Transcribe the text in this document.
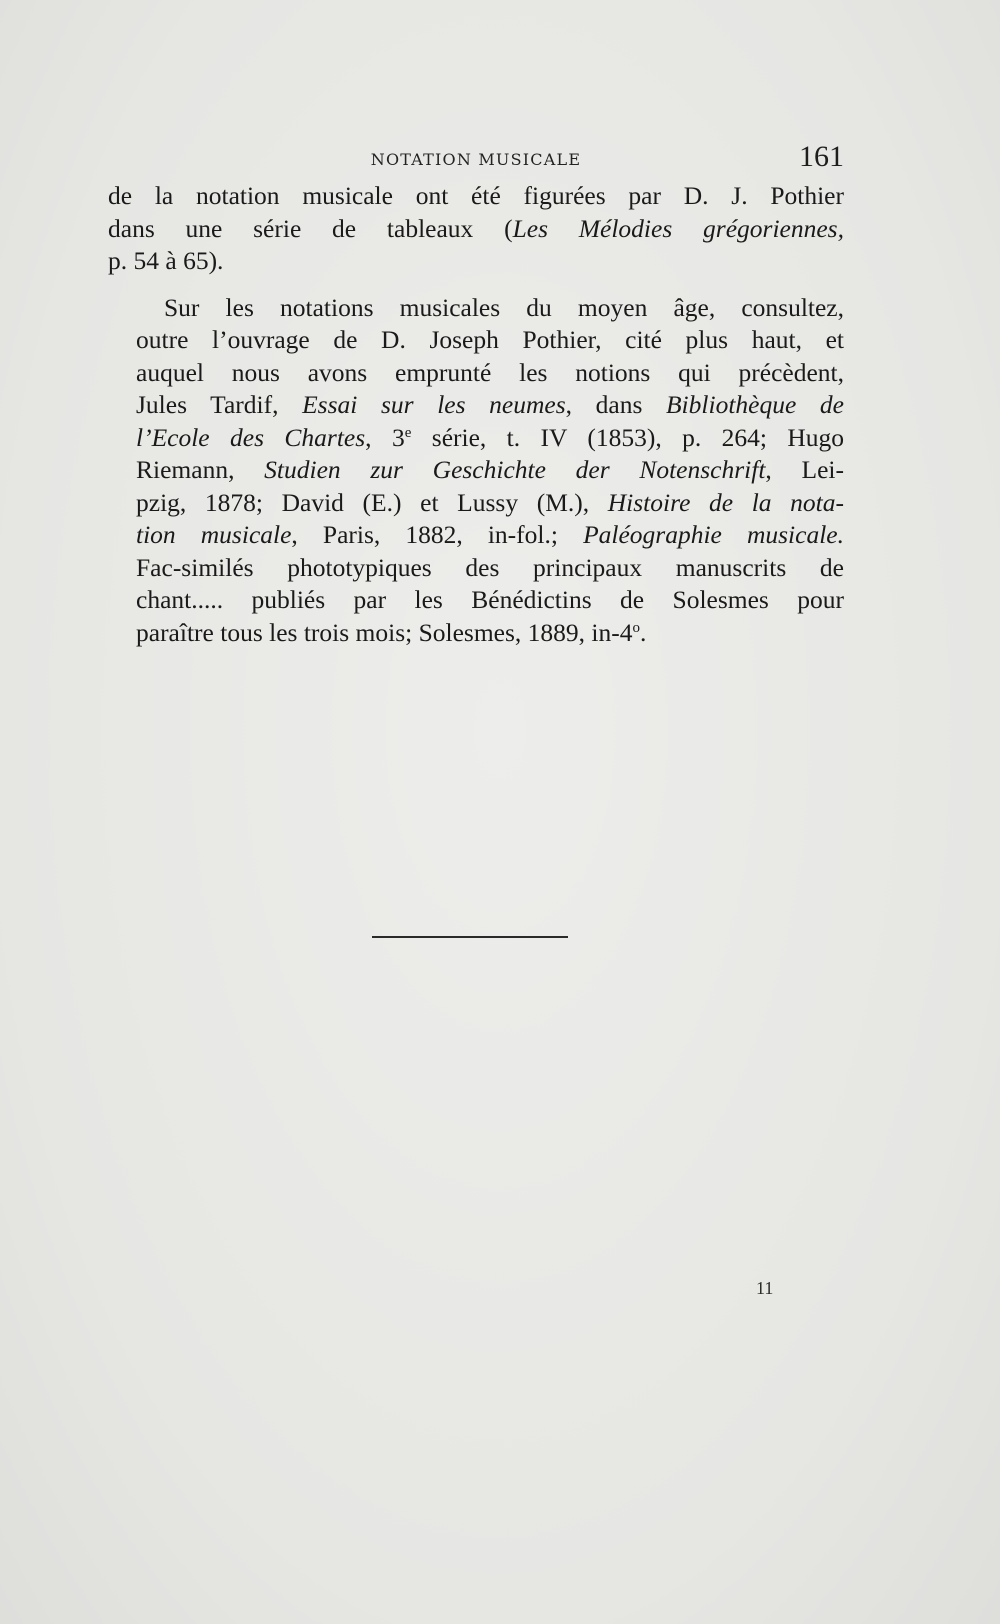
NOTATION MUSICALE	161
de la notation musicale ont été figurées par D. J. Pothier
dans une série de tableaux (Les Mélodies grégoriennes,
p. 54 à 65).
Sur les notations musicales du moyen âge, consultez,
outre l’ouvrage de D. Joseph Pothier, cité plus haut, et
auquel nous avons emprunté les notions qui précèdent,
Jules Tardif, Essai sur les neumes, dans Bibliothèque de
l’Ecole des Chartes, 3e série, t. IV (1853), p. 264; Hugo
Riemann, Studien zur Geschichte der Notenschrift, Lei-
pzig, 1878; David (E.) et Lussy (M.), Histoire de la nota-
tion musicale, Paris, 1882, in-fol.; Paléographie musicale.
Fac-similés phototypiques des principaux manuscrits de
chant..... publiés par les Bénédictins de Solesmes pour
paraître tous les trois mois; Solesmes, 1889, in-4$^o$.
11
